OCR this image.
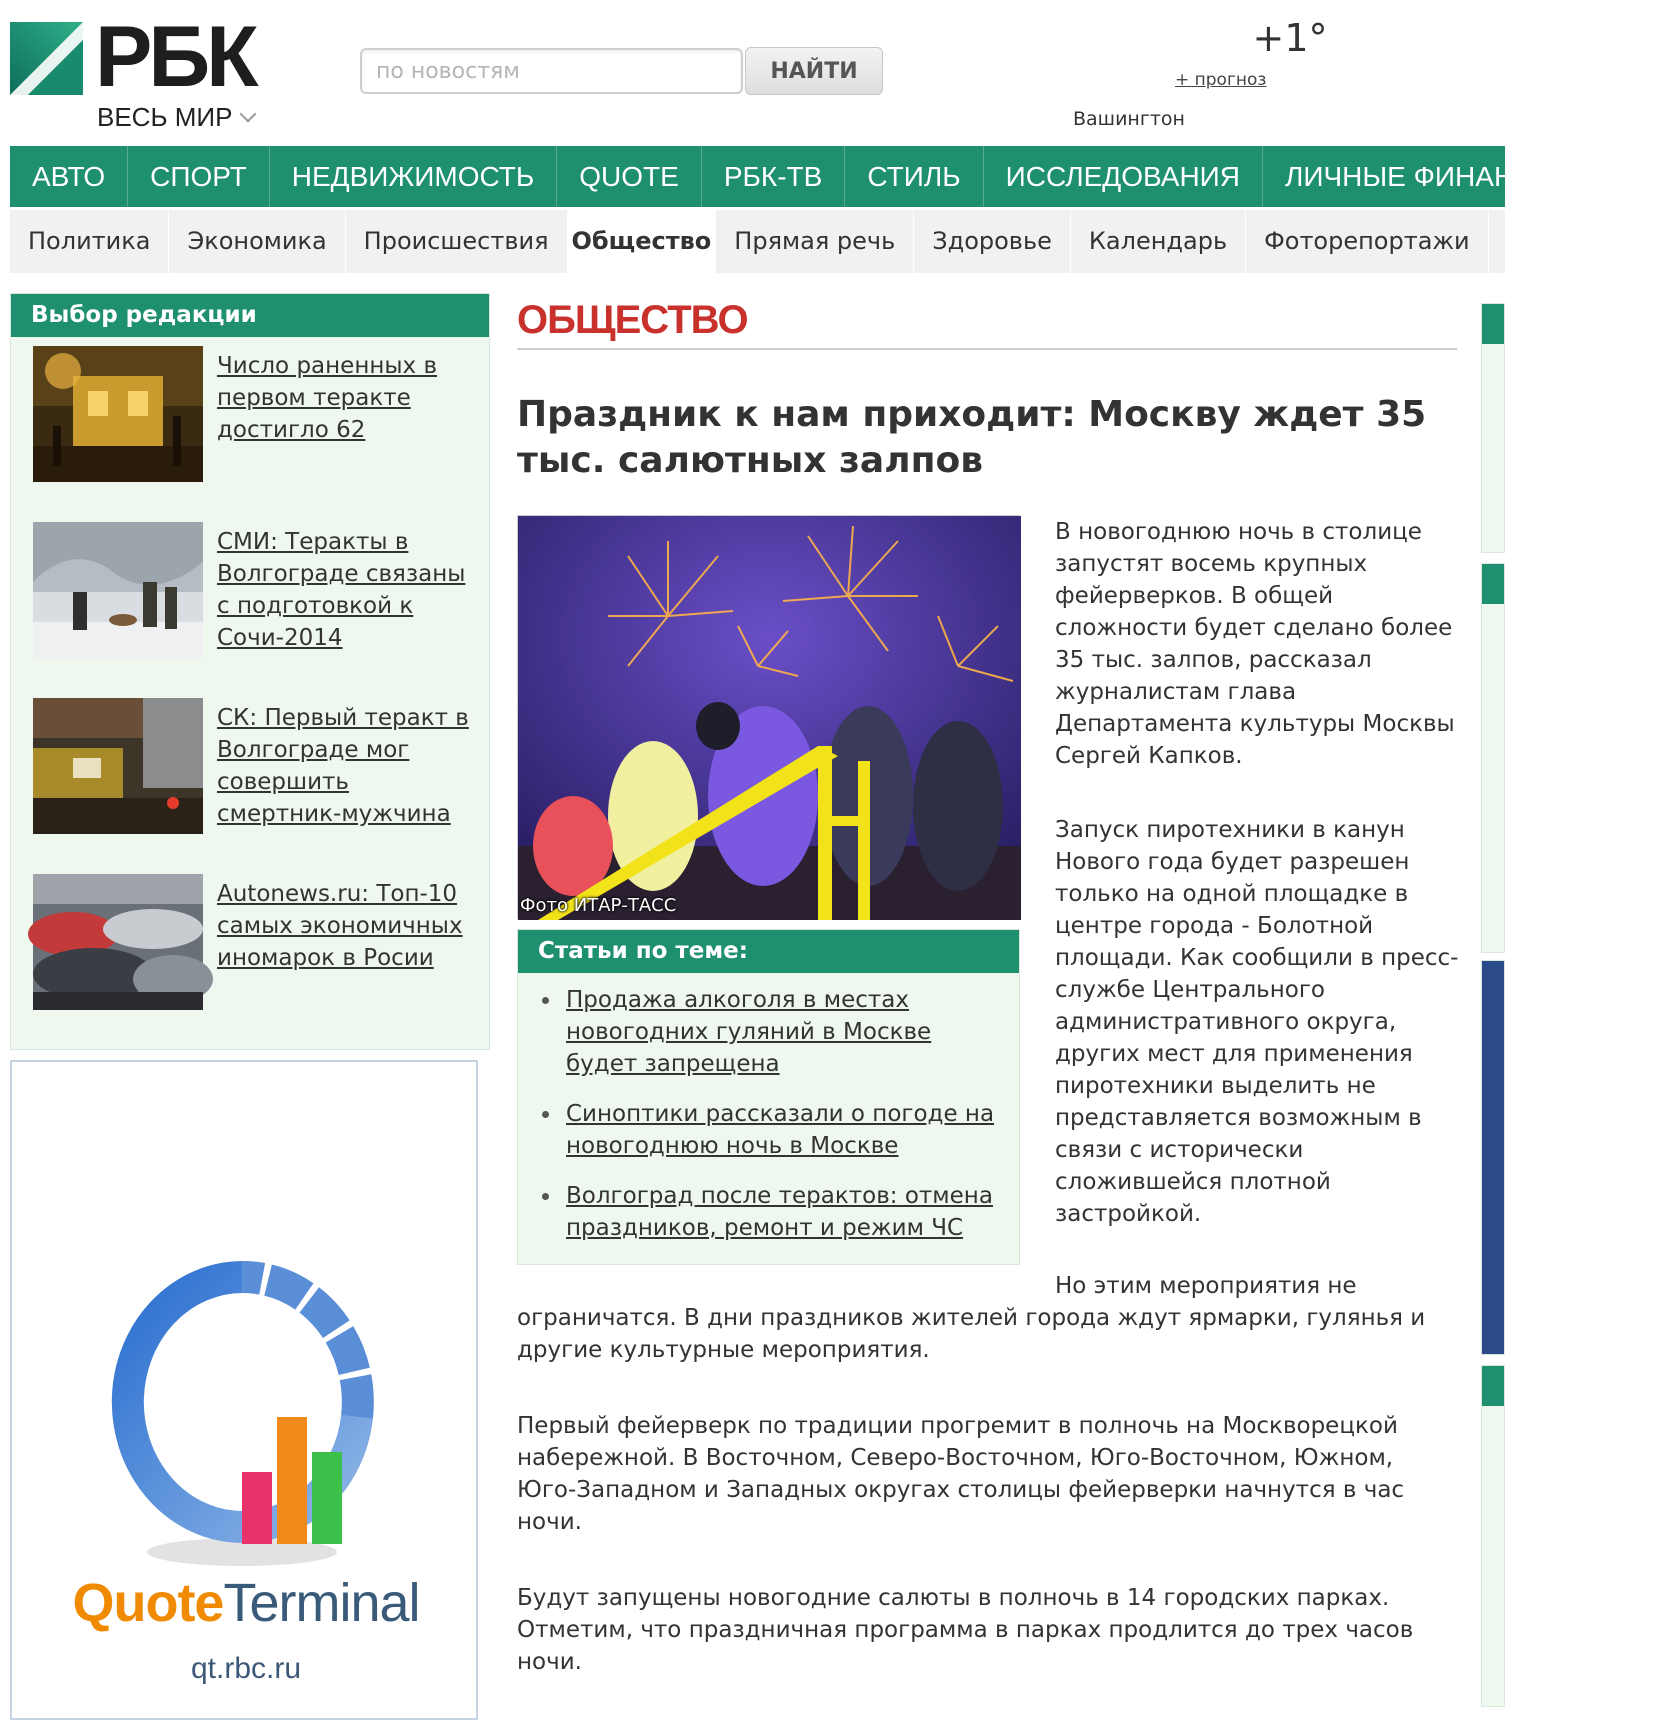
РБК
ВЕСЬ МИР
по новостям
НАЙТИ
+1°
+ прогноз
Вашингтон
АВТО	СПОРТ	НЕДВИЖИМОСТЬ	QUOTE	РБК-ТВ	СТИЛЬ	ИССЛЕДОВАНИЯ	ЛИЧНЫЕ ФИНАНСЫ	ТВ
Политика	Экономика	Происшествия Общество Прямая речь	Здоровье	Календарь	Фоторепортажи
Выбор редакции
Число раненных в первом теракте достигло 62
СМИ: Теракты в Волгограде связаны с подготовкой к Сочи-2014
СК: Первый теракт в Волгограде мог совершить смертник-мужчина
Autonews.ru: Топ-10 самых экономичных иномарок в Росии
QuoteTerminal
qt.rbc.ru
ОБЩЕСТВО
Праздник к нам приходит: Москву ждет 35 тыс. салютных залпов
Фото ИТАР-ТАСС
Статьи по теме:
Продажа алкоголя в местах новогодних гуляний в Москве будет запрещена
Синоптики рассказали о погоде на новогоднюю ночь в Москве
Волгоград после терактов: отмена праздников, ремонт и режим ЧС
В новогоднюю ночь в столице запустят восемь крупных фейерверков. В общей сложности будет сделано более 35 тыс. залпов, рассказал журналистам глава Департамента культуры Москвы Сергей Капков.
Запуск пиротехники в канун Нового года будет разрешен только на одной площадке в центре города - Болотной площади. Как сообщили в пресс-службе Центрального административного округа, других мест для применения пиротехники выделить не представляется возможным в связи с исторически сложившейся плотной застройкой.
Но этим мероприятия не
ограничатся. В дни праздников жителей города ждут ярмарки, гулянья и другие культурные мероприятия.
Первый фейерверк по традиции прогремит в полночь на Москворецкой набережной. В Восточном, Северо-Восточном, Юго-Восточном, Южном, Юго-Западном и Западных округах столицы фейерверки начнутся в час ночи.
Будут запущены новогодние салюты в полночь в 14 городских парках. Отметим, что праздничная программа в парках продлится до трех часов ночи.
